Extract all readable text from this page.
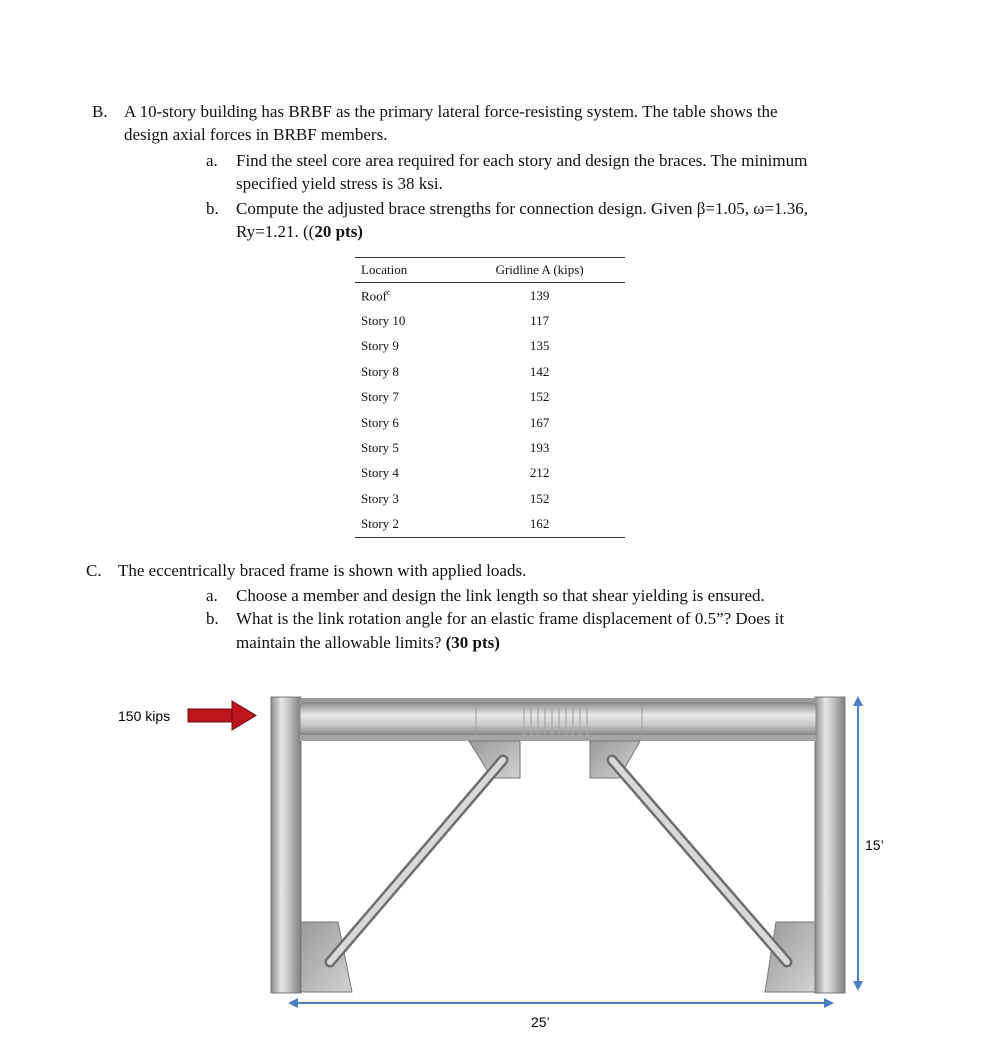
B. A 10-story building has BRBF as the primary lateral force-resisting system. The table shows the
design axial forces in BRBF members.
a. Find the steel core area required for each story and design the braces. The minimum
specified yield stress is 38 ksi.
b. Compute the adjusted brace strengths for connection design. Given β=1.05, ω=1.36,
Ry=1.21. ((20 pts)
Location	Gridline A (kips)
Roof$^c$	139
Story 10	117
Story 9	135
Story 8	142
Story 7	152
Story 6	167
Story 5	193
Story 4	212
Story 3	152
Story 2	162
C. The eccentrically braced frame is shown with applied loads.
a. Choose a member and design the link length so that shear yielding is ensured.
b. What is the link rotation angle for an elastic frame displacement of 0.5”? Does it
maintain the allowable limits? (30 pts)
150 kips
15’
25’
